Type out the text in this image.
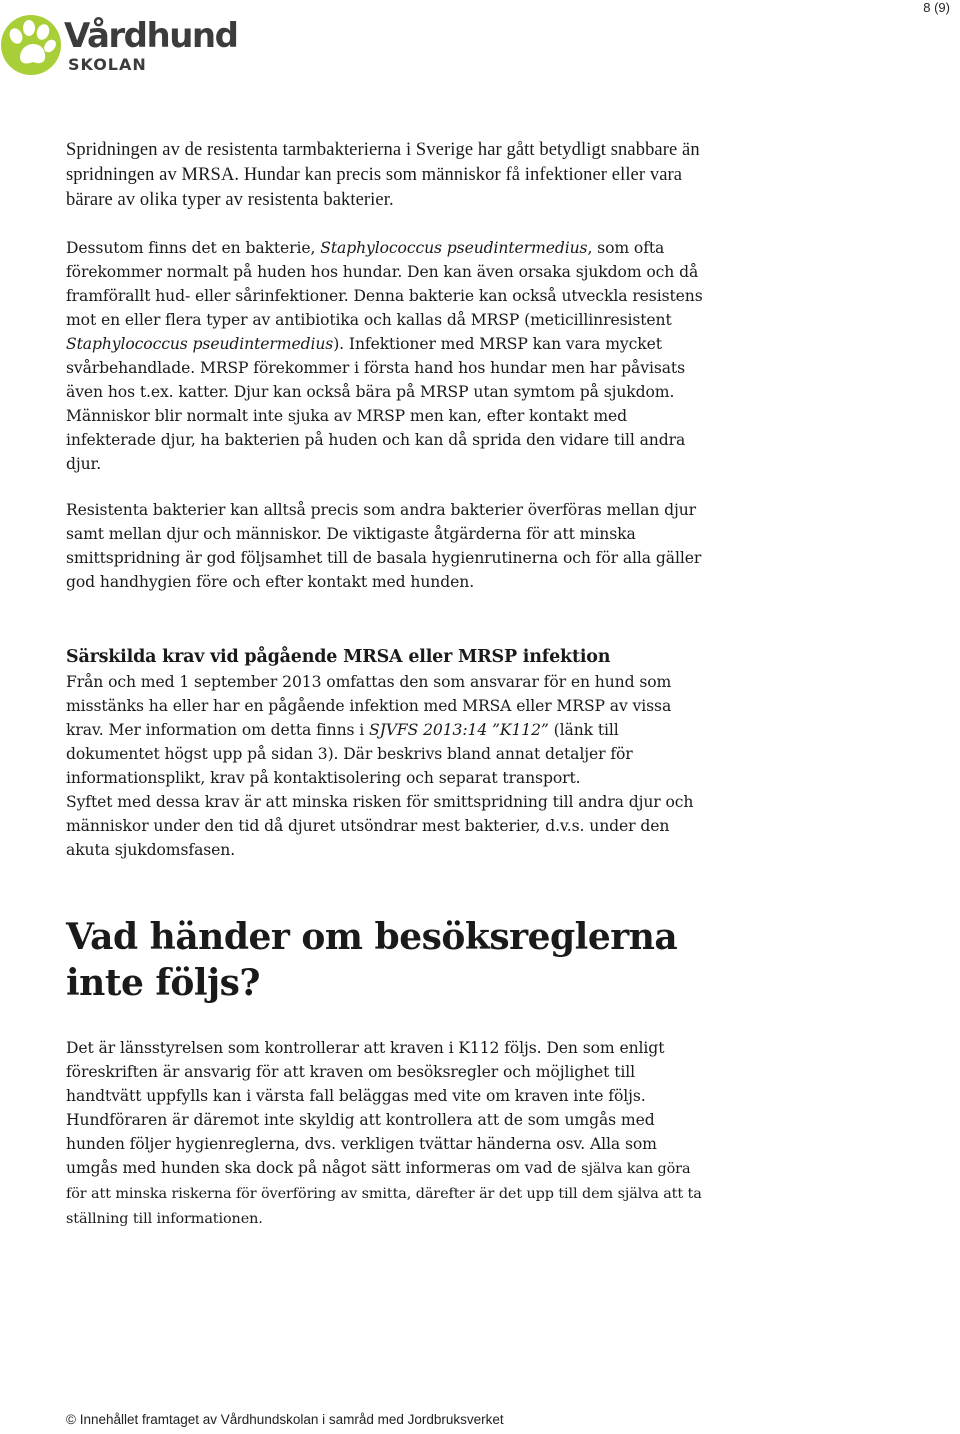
8 (9)
Vårdhund
SKOLAN

Spridningen av de resistenta tarmbakterierna i Sverige har gått betydligt snabbare än spridningen av MRSA. Hundar kan precis som människor få infektioner eller vara bärare av olika typer av resistenta bakterier.

Dessutom finns det en bakterie, Staphylococcus pseudintermedius, som ofta förekommer normalt på huden hos hundar. Den kan även orsaka sjukdom och då framförallt hud- eller sårinfektioner. Denna bakterie kan också utveckla resistens mot en eller flera typer av antibiotika och kallas då MRSP (meticillinresistent Staphylococcus pseudintermedius). Infektioner med MRSP kan vara mycket svårbehandlade. MRSP förekommer i första hand hos hundar men har påvisats även hos t.ex. katter. Djur kan också bära på MRSP utan symtom på sjukdom. Människor blir normalt inte sjuka av MRSP men kan, efter kontakt med infekterade djur, ha bakterien på huden och kan då sprida den vidare till andra djur.

Resistenta bakterier kan alltså precis som andra bakterier överföras mellan djur samt mellan djur och människor. De viktigaste åtgärderna för att minska smittspridning är god följsamhet till de basala hygienrutinerna och för alla gäller god handhygien före och efter kontakt med hunden.

Särskilda krav vid pågående MRSA eller MRSP infektion

Från och med 1 september 2013 omfattas den som ansvarar för en hund som misstänks ha eller har en pågående infektion med MRSA eller MRSP av vissa krav. Mer information om detta finns i SJVFS 2013:14 ”K112” (länk till dokumentet högst upp på sidan 3). Där beskrivs bland annat detaljer för informationsplikt, krav på kontaktisolering och separat transport.

Syftet med dessa krav är att minska risken för smittspridning till andra djur och människor under den tid då djuret utsöndrar mest bakterier, d.v.s. under den akuta sjukdomsfasen.

Vad händer om besöksreglerna inte följs?

Det är länsstyrelsen som kontrollerar att kraven i K112 följs. Den som enligt föreskriften är ansvarig för att kraven om besöksregler och möjlighet till handtvätt uppfylls kan i värsta fall beläggas med vite om kraven inte följs. Hundföraren är däremot inte skyldig att kontrollera att de som umgås med hunden följer hygienreglerna, dvs. verkligen tvättar händerna osv. Alla som umgås med hunden ska dock på något sätt informeras om vad de själva kan göra för att minska riskerna för överföring av smitta, därefter är det upp till dem själva att ta ställning till informationen.

© Innehållet framtaget av Vårdhundskolan i samråd med Jordbruksverket
